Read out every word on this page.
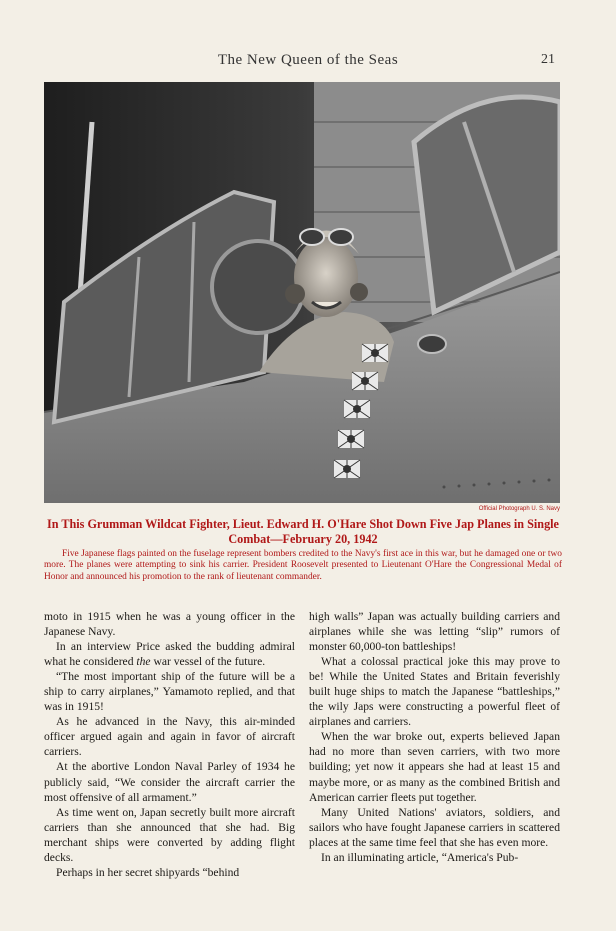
The New Queen of the Seas	21
Official Photograph U. S. Navy
In This Grumman Wildcat Fighter, Lieut. Edward H. O'Hare Shot Down Five Jap Planes in Single Combat—February 20, 1942
Five Japanese flags painted on the fuselage represent bombers credited to the Navy's first ace in this war, but he damaged one or two more. The planes were attempting to sink his carrier. President Roosevelt presented to Lieutenant O'Hare the Congressional Medal of Honor and announced his promotion to the rank of lieutenant commander.

moto in 1915 when he was a young officer in the Japanese Navy.

In an interview Price asked the budding admiral what he considered the war vessel of the future.

“The most important ship of the future will be a ship to carry airplanes,” Yamamoto replied, and that was in 1915!

As he advanced in the Navy, this air-minded officer argued again and again in favor of aircraft carriers.

At the abortive London Naval Parley of 1934 he publicly said, “We consider the aircraft carrier the most offensive of all armament.”

As time went on, Japan secretly built more aircraft carriers than she announced that she had. Big merchant ships were converted by adding flight decks.

Perhaps in her secret shipyards “behind

high walls” Japan was actually building carriers and airplanes while she was letting “slip” rumors of monster 60,000-ton battleships!

What a colossal practical joke this may prove to be! While the United States and Britain feverishly built huge ships to match the Japanese “battleships,” the wily Japs were constructing a powerful fleet of airplanes and carriers.

When the war broke out, experts believed Japan had no more than seven carriers, with two more building; yet now it appears she had at least 15 and maybe more, or as many as the combined British and American carrier fleets put together.

Many United Nations' aviators, soldiers, and sailors who have fought Japanese carriers in scattered places at the same time feel that she has even more.

In an illuminating article, “America's Pub-
